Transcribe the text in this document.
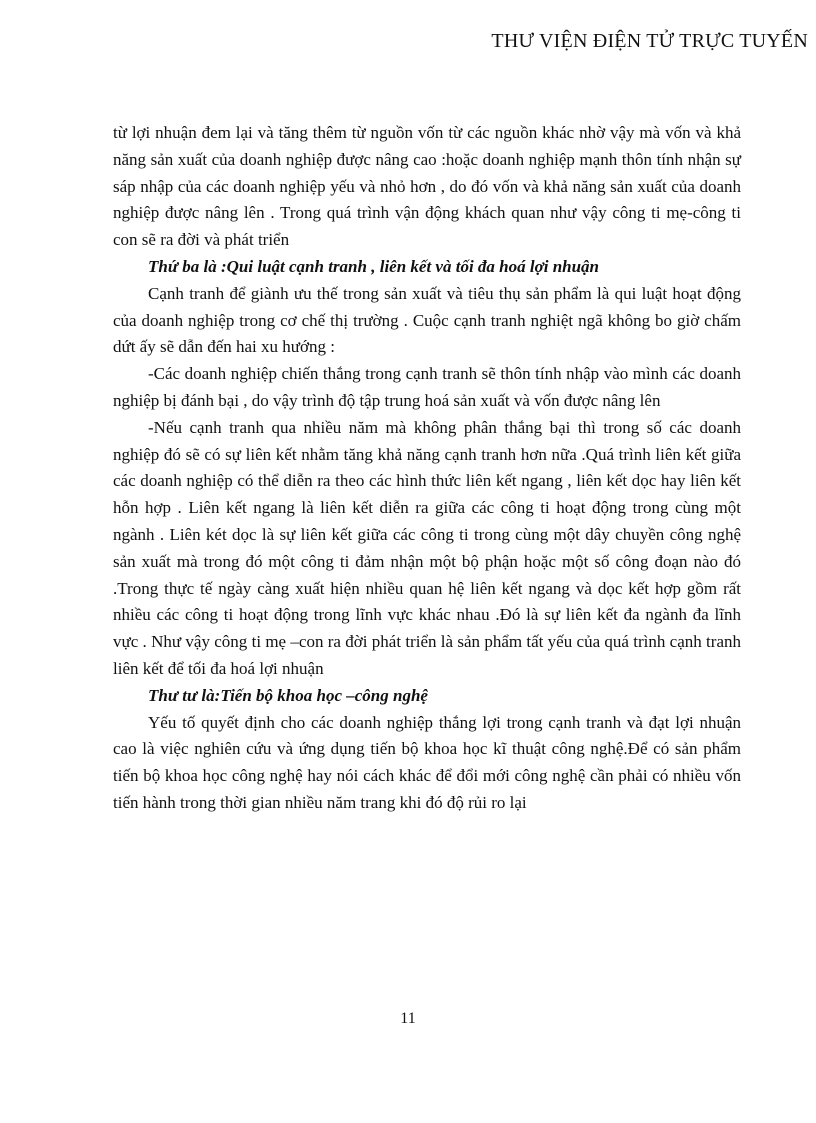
THƯ VIỆN ĐIỆN TỬ TRỰC TUYẾN

từ lợi nhuận đem lại và tăng thêm từ nguồn vốn từ các nguồn khác nhờ vậy mà vốn và khả năng sản xuất của doanh nghiệp được nâng cao :hoặc doanh nghiệp mạnh thôn tính nhận sự sáp nhập của các doanh nghiệp yếu và nhỏ hơn , do đó vốn và khả năng sản xuất của doanh nghiệp được nâng lên . Trong quá trình vận động khách quan như vậy công ti mẹ-công ti con sẽ ra đời và phát triển

Thứ ba là :Qui luật cạnh tranh , liên kết và tối đa hoá lợi nhuận

Cạnh tranh để giành ưu thế trong sản xuất và tiêu thụ sản phẩm là qui luật hoạt động của doanh nghiệp trong cơ chế thị trường . Cuộc cạnh tranh nghiệt ngã không bo giờ chấm dứt ấy sẽ dẫn đến hai xu hướng :

-Các doanh nghiệp chiến thắng trong cạnh tranh sẽ thôn tính nhập vào mình các doanh nghiệp bị đánh bại , do vậy trình độ tập trung hoá sản xuất và vốn được nâng lên

-Nếu cạnh tranh qua nhiều năm mà không phân thắng bại thì trong số các doanh nghiệp đó sẽ có sự liên kết nhằm tăng khả năng cạnh tranh hơn nữa .Quá trình liên kết giữa các doanh nghiệp có thể diễn ra theo các hình thức liên kết ngang , liên kết dọc hay liên kết hỗn hợp . Liên kết ngang là liên kết diễn ra giữa các công ti hoạt động trong cùng một ngành . Liên két dọc là sự liên kết giữa các công ti trong cùng một dây chuyền công nghệ sản xuất mà trong đó một công ti đảm nhận một bộ phận hoặc một số công đoạn nào đó .Trong thực tế ngày càng xuất hiện nhiều quan hệ liên kết ngang và dọc kết hợp gồm rất nhiều các công ti hoạt động trong lĩnh vực khác nhau .Đó là sự liên kết đa ngành đa lĩnh vực . Như vậy công ti mẹ –con ra đời phát triển là sản phẩm tất yếu của quá trình cạnh tranh liên kết để tối đa hoá lợi nhuận

Thư tư là:Tiến bộ khoa học –công nghệ

Yếu tố quyết định cho các doanh nghiệp thắng lợi trong cạnh tranh và đạt lợi nhuận cao là việc nghiên cứu và ứng dụng tiến bộ khoa học kĩ thuật công nghệ.Để có sản phẩm tiến bộ khoa học công nghệ hay nói cách khác để đổi mới công nghệ cần phải có nhiều vốn tiến hành trong thời gian nhiều năm trang khi đó độ rủi ro lại

11
